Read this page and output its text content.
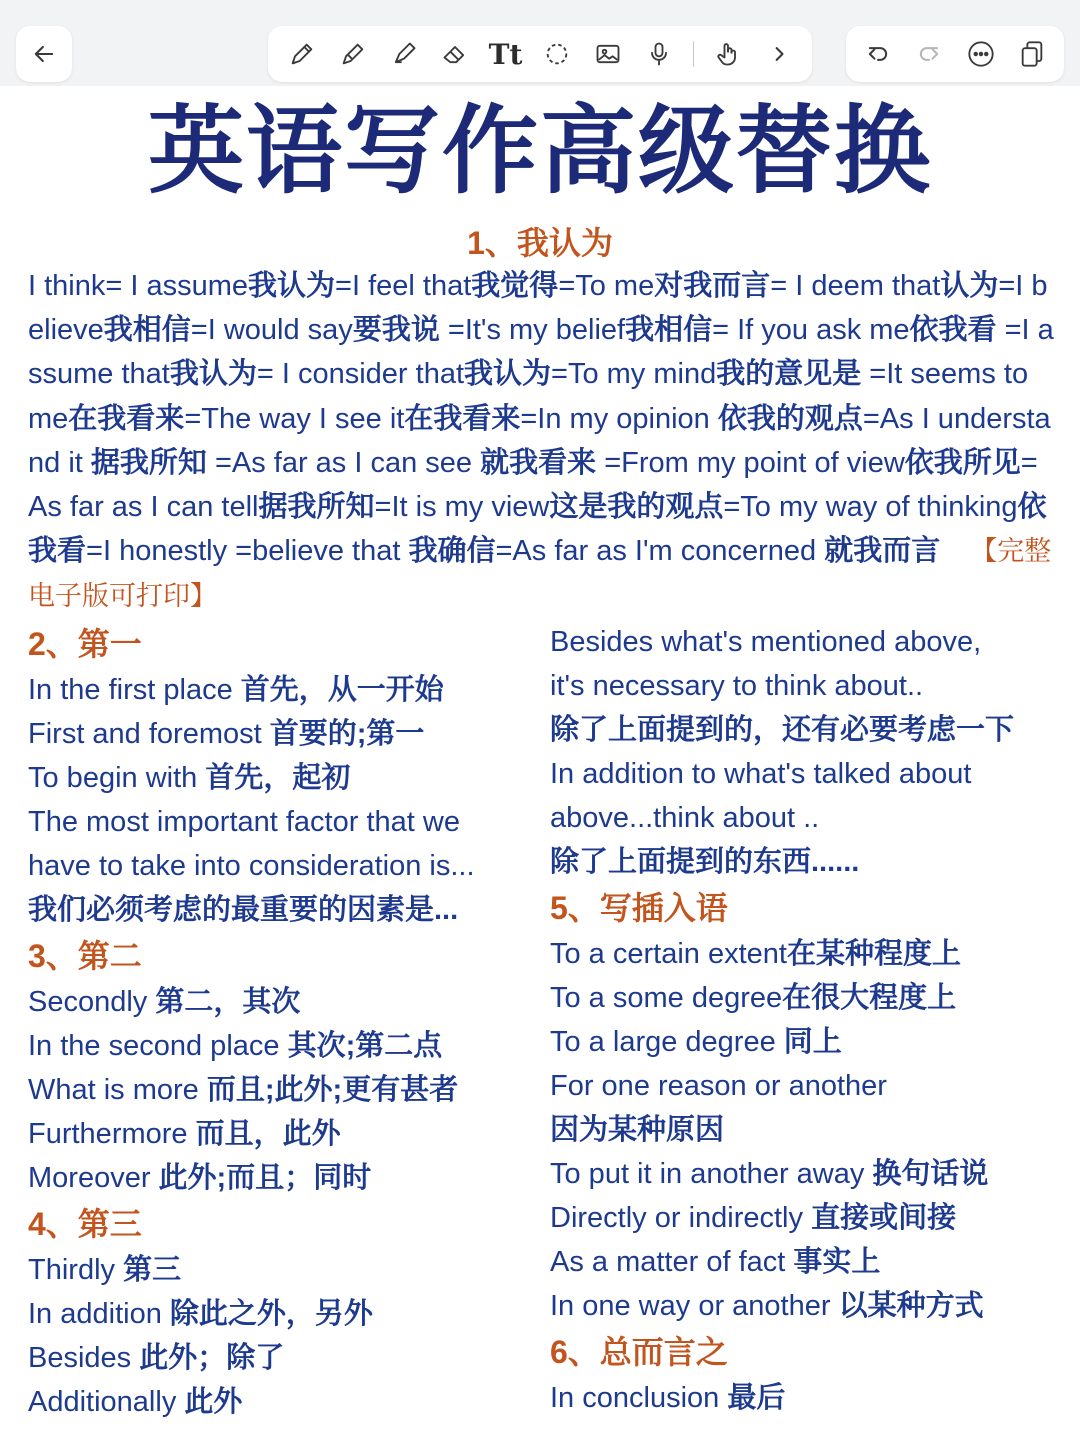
Tt
英语写作高级替换
1、我认为
I think= I assume我认为=I feel that我觉得=To me对我而言= I deem that认为=I believe我相信=I would say要我说 =It's my belief我相信= If you ask me依我看 =I assume that我认为= I consider that我认为=To my mind我的意见是 =It seems to me在我看来=The way I see it在我看来=In my opinion 依我的观点=As I understand it 据我所知 =As far as I can see 就我看来 =From my point of view依我所见= As far as I can tell据我所知=It is my view这是我的观点=To my way of thinking依我看=I honestly =believe that 我确信=As far as I'm concerned 就我而言 【完整电子版可打印】
2、第一
In the first place 首先，从一开始
First and foremost 首要的;第一
To begin with 首先，起初
The most important factor that we
have to take into consideration is...
我们必须考虑的最重要的因素是...
3、第二
Secondly 第二，其次
In the second place 其次;第二点
What is more 而且;此外;更有甚者
Furthermore 而且，此外
Moreover 此外;而且；同时
4、第三
Thirdly 第三
In addition 除此之外，另外
Besides 此外；除了
Additionally 此外
Besides what's mentioned above,
it's necessary to think about..
除了上面提到的，还有必要考虑一下
In addition to what's talked about
above...think about ..
除了上面提到的东西......
5、写插入语
To a certain extent在某种程度上
To a some degree在很大程度上
To a large degree 同上
For one reason or another
因为某种原因
To put it in another away 换句话说
Directly or indirectly 直接或间接
As a matter of fact 事实上
In one way or another 以某种方式
6、总而言之
In conclusion 最后
